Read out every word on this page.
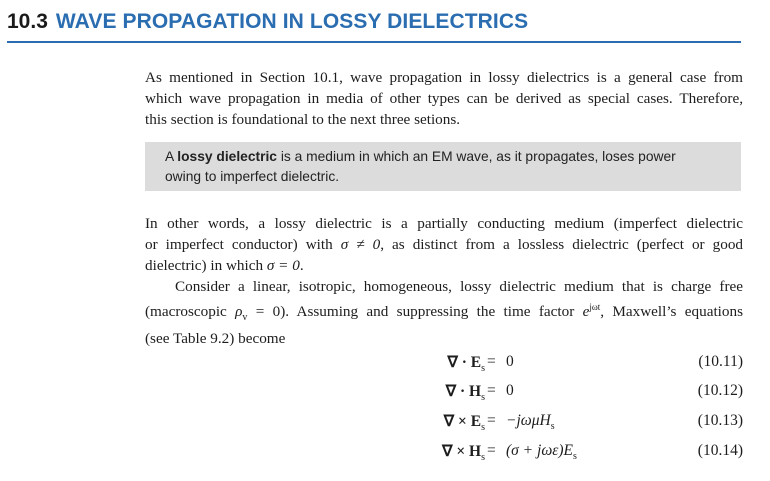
10.3 WAVE PROPAGATION IN LOSSY DIELECTRICS
As mentioned in Section 10.1, wave propagation in lossy dielectrics is a general case from
which wave propagation in media of other types can be derived as special cases. Therefore,
this section is foundational to the next three setions.
A lossy dielectric is a medium in which an EM wave, as it propagates, loses power
owing to imperfect dielectric.
In other words, a lossy dielectric is a partially conducting medium (imperfect dielectric
or imperfect conductor) with σ ≠ 0, as distinct from a lossless dielectric (perfect or good
dielectric) in which σ = 0.
Consider a linear, isotropic, homogeneous, lossy dielectric medium that is charge free
(macroscopic $\rho_v = 0$). Assuming and suppressing the time factor $e^{j\omega t}$, Maxwell’s equations
(see Table 9.2) become
∇ · $E_s = 0$	(10.11)
∇ · $H_s = 0$	(10.12)
∇ × $E_s = -j\omega\mu H_s$	(10.13)
∇ × $H_s = (\sigma + j\omega\varepsilon)E_s$	(10.14)
